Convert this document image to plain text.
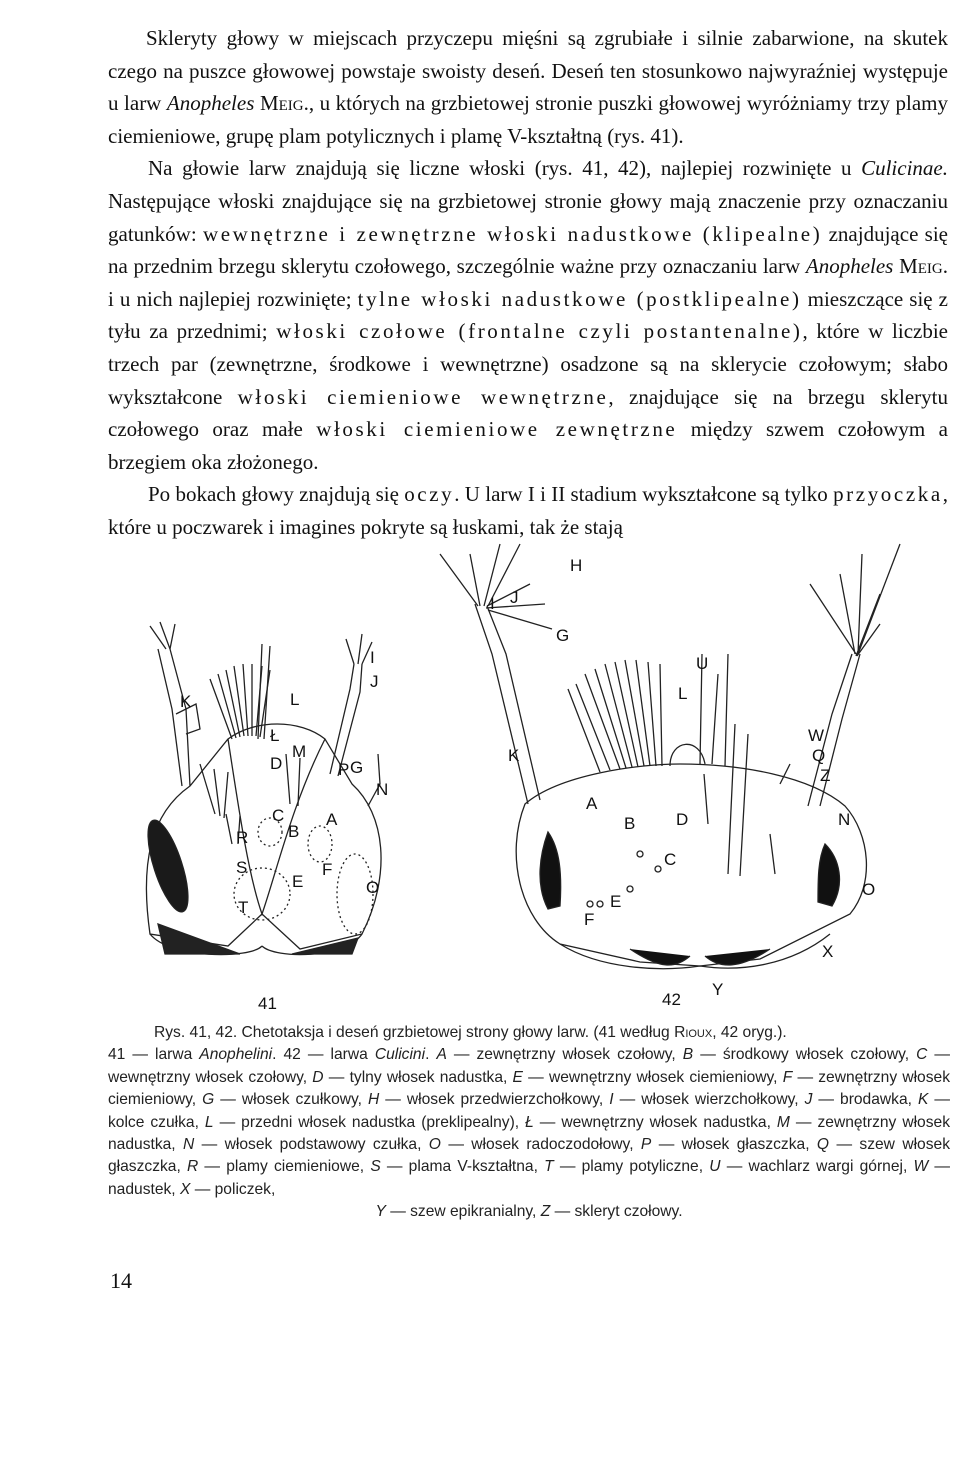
Skleryty głowy w miejscach przyczepu mięśni są zgrubiałe i silnie zabarwione, na skutek czego na puszce głowowej powstaje swoisty deseń. Deseń ten stosunkowo najwyraźniej występuje u larw Anopheles Meig., u których na grzbietowej stronie puszki głowowej wyróżniamy trzy plamy ciemieniowe, grupę plam potylicznych i plamę V-kształtną (rys. 41).

Na głowie larw znajdują się liczne włoski (rys. 41, 42), najlepiej rozwinięte u Culicinae. Następujące włoski znajdujące się na grzbietowej stronie głowy mają znaczenie przy oznaczaniu gatunków: wewnętrzne i zewnętrzne włoski nadustkowe (klipealne) znajdujące się na przednim brzegu sklerytu czołowego, szczególnie ważne przy oznaczaniu larw Anopheles Meig. i u nich najlepiej rozwinięte; tylne włoski nadustkowe (postklipealne) mieszczące się z tyłu za przednimi; włoski czołowe (frontalne czyli postantenalne), które w liczbie trzech par (zewnętrzne, środkowe i wewnętrzne) osadzone są na sklerycie czołowym; słabo wykształcone włoski ciemieniowe wewnętrzne, znajdujące się na brzegu sklerytu czołowego oraz małe włoski ciemieniowe zewnętrzne między szwem czołowym a brzegiem oka złożonego.

Po bokach głowy znajdują się oczy. U larw I i II stadium wykształcone są tylko przyoczka, które u poczwarek i imagines pokryte są łuskami, tak że stają

K	L
Ł
M
D	P G
N
C
B
A
R
S
E
F
T
O
I
J
41
H
I J
G
U
L
K
W
Q
Z
A
B D
C
N
E
F
O
X
Y
42

Rys. 41, 42. Chetotaksja i deseń grzbietowej strony głowy larw. (41 według Rioux, 42 oryg.).

41 — larwa Anophelini. 42 — larwa Culicini. A — zewnętrzny włosek czołowy, B — środkowy włosek czołowy, C — wewnętrzny włosek czołowy, D — tylny włosek nadustka, E — wewnętrzny włosek ciemieniowy, F — zewnętrzny włosek ciemieniowy, G — włosek czułkowy, H — włosek przedwierzchołkowy, I — włosek wierzchołkowy, J — brodawka, K — kolce czułka, L — przedni włosek nadustka (preklipealny), Ł — wewnętrzny włosek nadustka, M — zewnętrzny włosek nadustka, N — włosek podstawowy czułka, O — włosek radoczodołowy, P — włosek głaszczka, Q — szew włosek głaszczka, R — plamy ciemieniowe, S — plama V-kształtna, T — plamy potyliczne, U — wachlarz wargi górnej, W — nadustek, X — policzek,

Y — szew epikranialny, Z — skleryt czołowy.

14
